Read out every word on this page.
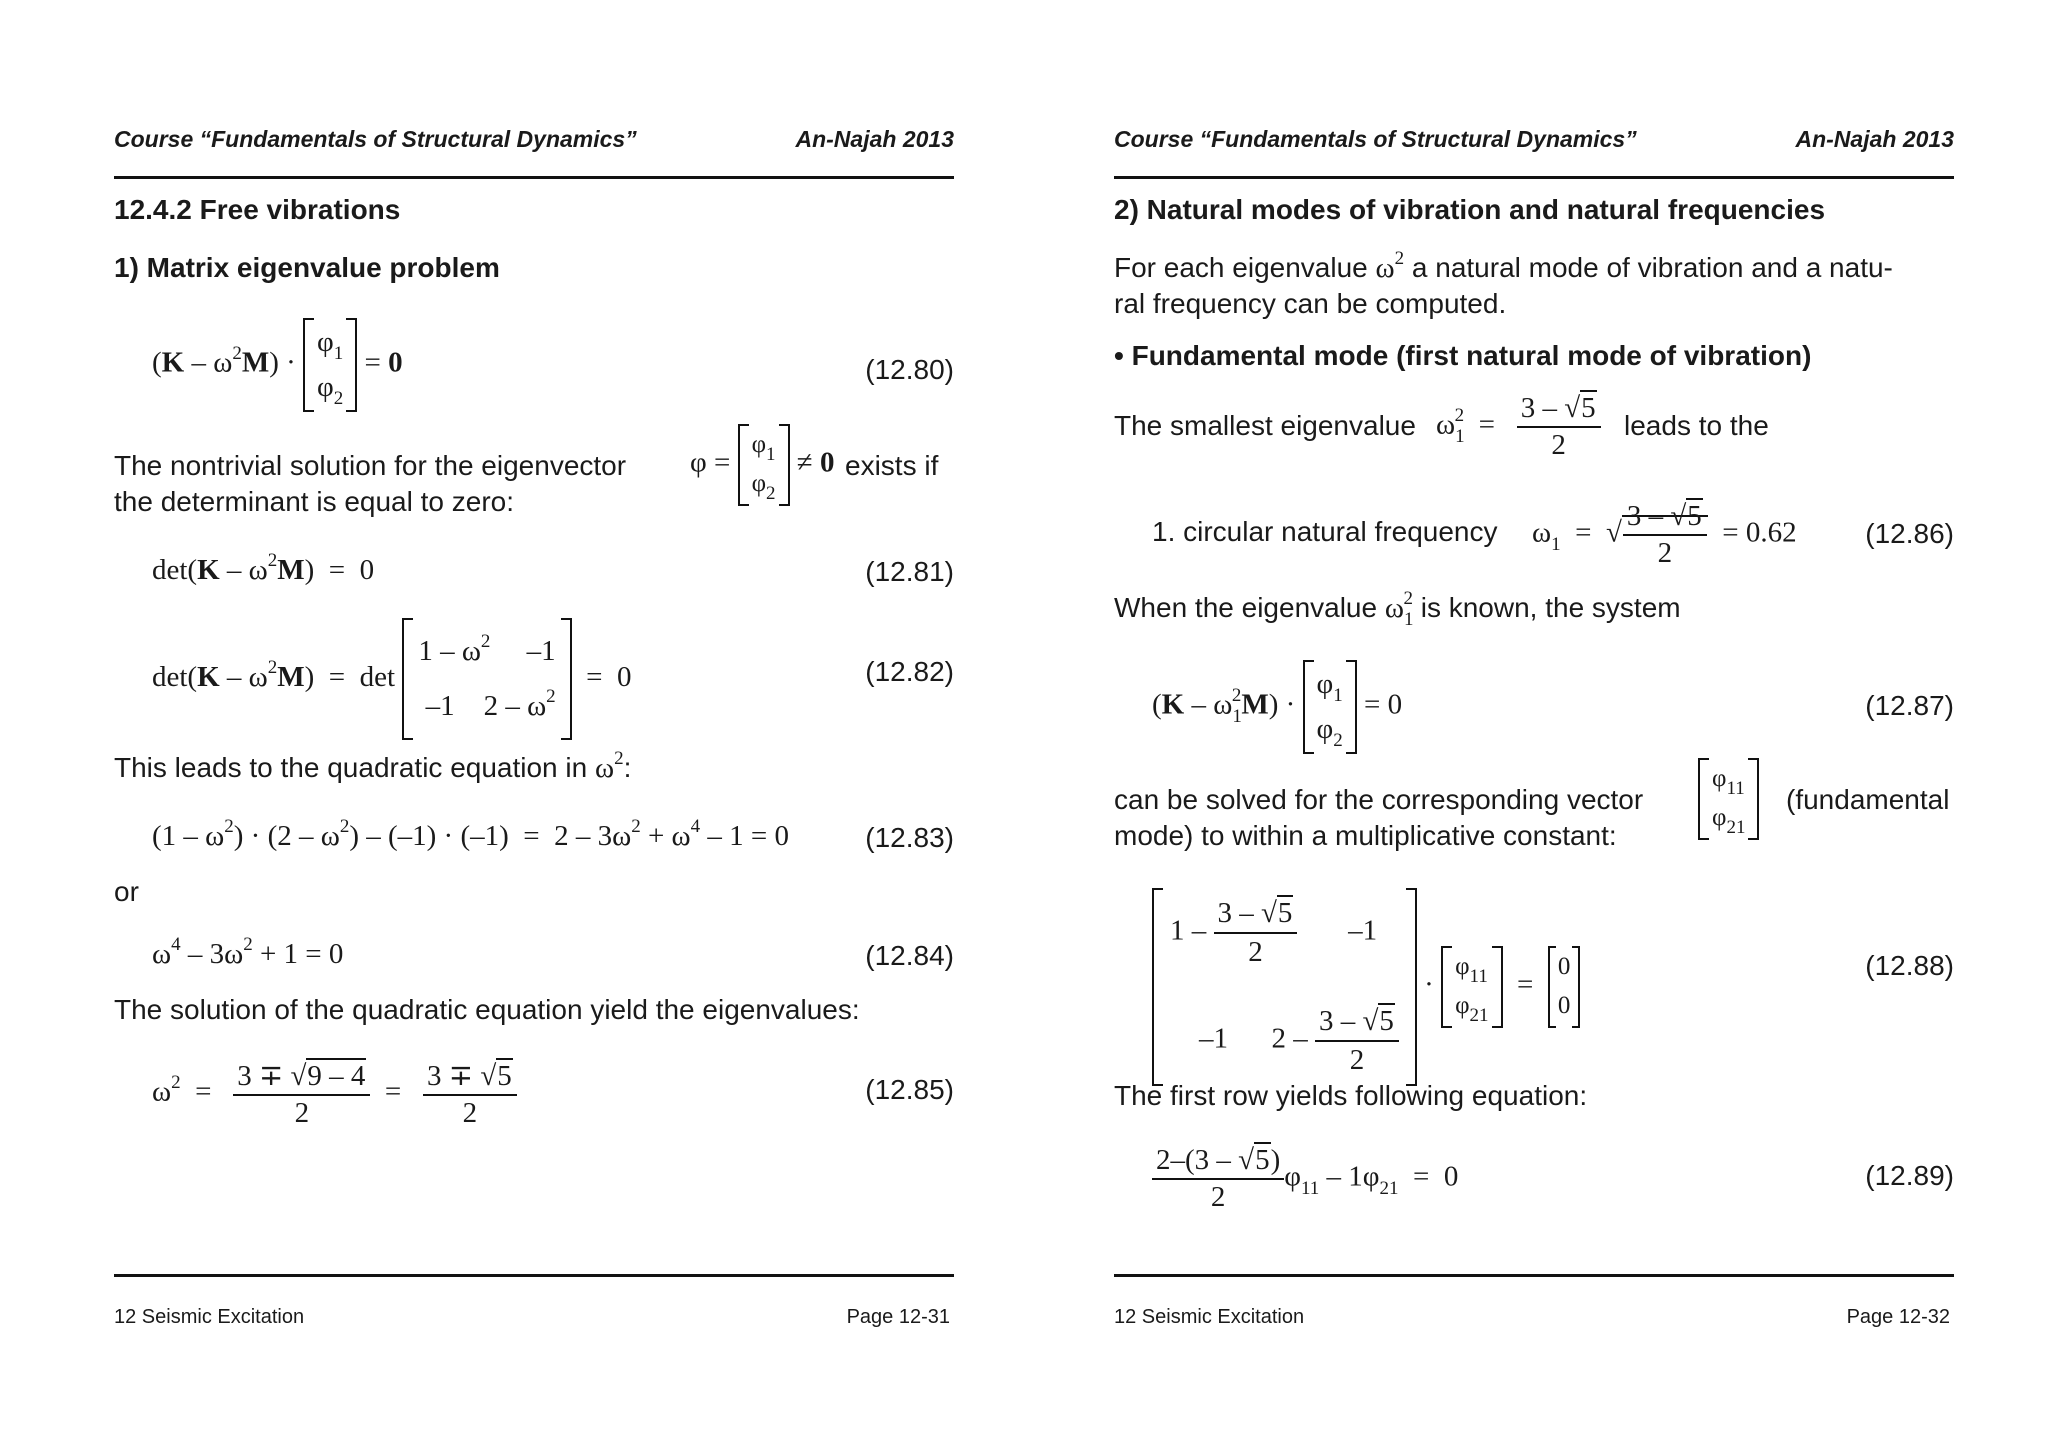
Course “Fundamentals of Structural Dynamics”	An-Najah 2013
12.4.2 Free vibrations
1) Matrix eigenvalue problem
$(K - \omega^2M)$ ·
$\varphi_1$
$\varphi_2 = 0$	(12.80)
The nontrivial solution for the eigenvector φ =
$\varphi_1$
$\varphi_2 \ne 0$ exists if
the determinant is equal to zero:
$\det(K - \omega^2M) = 0$	(12.81)
$\det(K - \omega^2M) = \det$
$1 - \omega^2$     –1
–1    $2 - \omega^2 = 0$	(12.82)
This leads to the quadratic equation in $\omega^2$:
$(1 - \omega^2) \cdot (2 - \omega^2) - (-1) \cdot (-1) = 2 - 3\omega^2 + \omega^4 - 1 = 0$	(12.83)
or
$\omega^4 - 3\omega^2 + 1 = 0$	(12.84)
The solution of the quadratic equation yield the eigenvalues:
$\omega^2 = \frac{3 \mp √9 - 4}{2} = \frac{3 \mp √5}{2}$	(12.85)
12 Seismic Excitation	Page 12-31
Course “Fundamentals of Structural Dynamics”	An-Najah 2013
2) Natural modes of vibration and natural frequencies
For each eigenvalue $\omega^2$ a natural mode of vibration and a natu-
ral frequency can be computed.
• Fundamental mode (first natural mode of vibration)
The smallest eigenvalue $\omega_1^2 = \frac{3 - √5}{2}$ leads to the
1. circular natural frequency $\omega_1$  =  √ $\frac{3 - √5}{2} = 0.62$ (12.86)
When the eigenvalue $\omega_1^2$ is known, the system
$(K - \omega_1^2M)$ ·
$\varphi_1$
$\varphi_2 = 0$	(12.87)
can be solved for the corresponding vector
$\varphi_{11}$
$\varphi_{21}$
(fundamental
mode) to within a multiplicative constant:
$1 - \frac{3 - √5}{2} -1$

–1      $2 - \frac{3 - √5}{2}$
·
$\varphi_{11}$
$\varphi_{21}$  =
0
0
(12.88)
The first row yields following equation:
$\frac{2-(3 - √5)}{2} \varphi_{11} - 1\varphi_{21} = 0$	(12.89)
12 Seismic Excitation	Page 12-32
